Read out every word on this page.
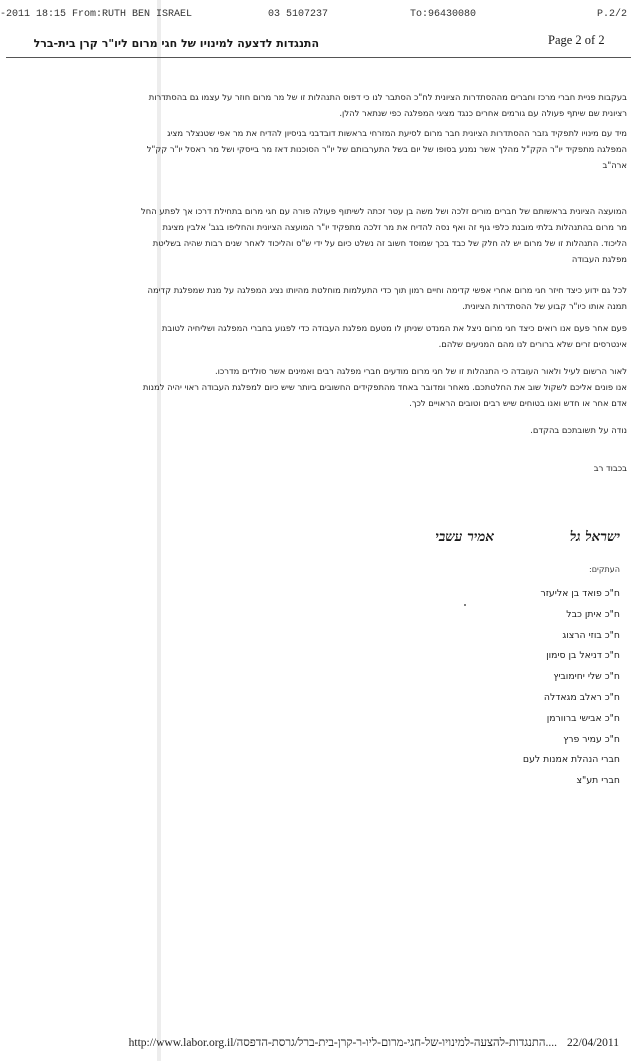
-2011 18:15 From:RUTH BEN ISRAEL	03 5107237	To:96430080	P.2/2
התנגדות לדצעה למינויו של חגי מרום ליו"ר קרן בית-ברל	Page 2 of 2
בעקבות פניית חברי מרכז וחברים מההסתדרות הציונית לח"כ הסתבר לנו כי דפוס התנהלות זו של מר מרום חוזר על עצמו גם בהסתדרות
רציונית שם שיתף פעולה עם גורמים אחרים כנגד מציגי המפלגה כפי שנתאר להלן.
מיד עם מינויו לתפקיד גזבר ההסתדרות הציונית חבר מרום לסיעת המזרחי בראשות דובדבני בניסיון להדיח את מר אפי שטנצלר מציג
המפלגה מתפקיד יו"ר הקק"ל מהלך אשר נמנע בסופו של יום בשל התערבותם של יו"ר הסוכנות דאז מר בייסקי ושל מר ראסל יו"ר קק"ל
ארה"ב
המועצה הציונית בראשותם של חברים מורים זלכה ושל משה בן עטר זכתה לשיתוף פעולה פורה עם חגי מרום בתחילת דרכו אך לפתע החל
מר מרום בהתנהלות בלתי מובנת כלפי גוף זה ואף נסה להדיח את מר זלכה מתפקיד יו"ר המועצה הציונית והחליפו בגב' אלבין מציגת
הליכוד. התנהלות זו של מרום יש לה חלק של כבד בכך שמוסד חשוב זה נשלט כיום על ידי ש"ס והליכוד לאחר שנים רבות שהיה בשליטת
מפלגת העבודה
לכל גם ידוע כיצד חיזר חגי מרום אחרי אפשי קדימה וחיים רמון תוך כדי התעלמות מוחלטת מהיותו נציג המפלגה על מנת שמפלגת קדימה
תמנה אותו כיו"ר קבוע של ההסתדרות הציונית.
פעם אחר פעם אנו רואים כיצד חגי מרום ניצל את המנדט שניתן לו מטעם מפלגת העבודה כדי לפגוע בחברי המפלגה ושליחיה לטובת
אינטרסים זרים שלא ברורים לנו מהם המניעים שלהם.
לאור הרשום לעיל ולאור העובדה כי התנהלות זו של חגי מרום מודעים חברי מפלגה רבים ואמינים אשר סולדים מדרכו.
אנו פונים אליכם לשקול שוב את החלטתכם. מאחר ומדובר באחד מהתפקידים החשובים ביותר שיש כיום למפלגת העבודה ראוי יהיה למנות
אדם אחר או חדש ואנו בטוחים שיש רבים וטובים הראויים לכך.
נודה על תשובתכם בהקדם.
בכבוד רב
ישראל גל
אמיר עשבי
העתקים:
ח"כ פואד בן אליעזר
ח"כ איתן כבל
ח"כ בוזי הרצוג
ח"כ דניאל בן סימון
ח"כ שלי יחימוביץ
ח"כ ראלב מגאדלה
ח"כ אבישי ברוורמן
ח"כ עמיר פרץ
חברי הנהלת אמנות לעם
חברי תע"צ
22/04/2011
http://www.labor.org.il/התנגדות-להצעה-למינויו-של-חגי-מרום-ליו-ר-קרן-בית-ברל/גרסת-הדפסה....
